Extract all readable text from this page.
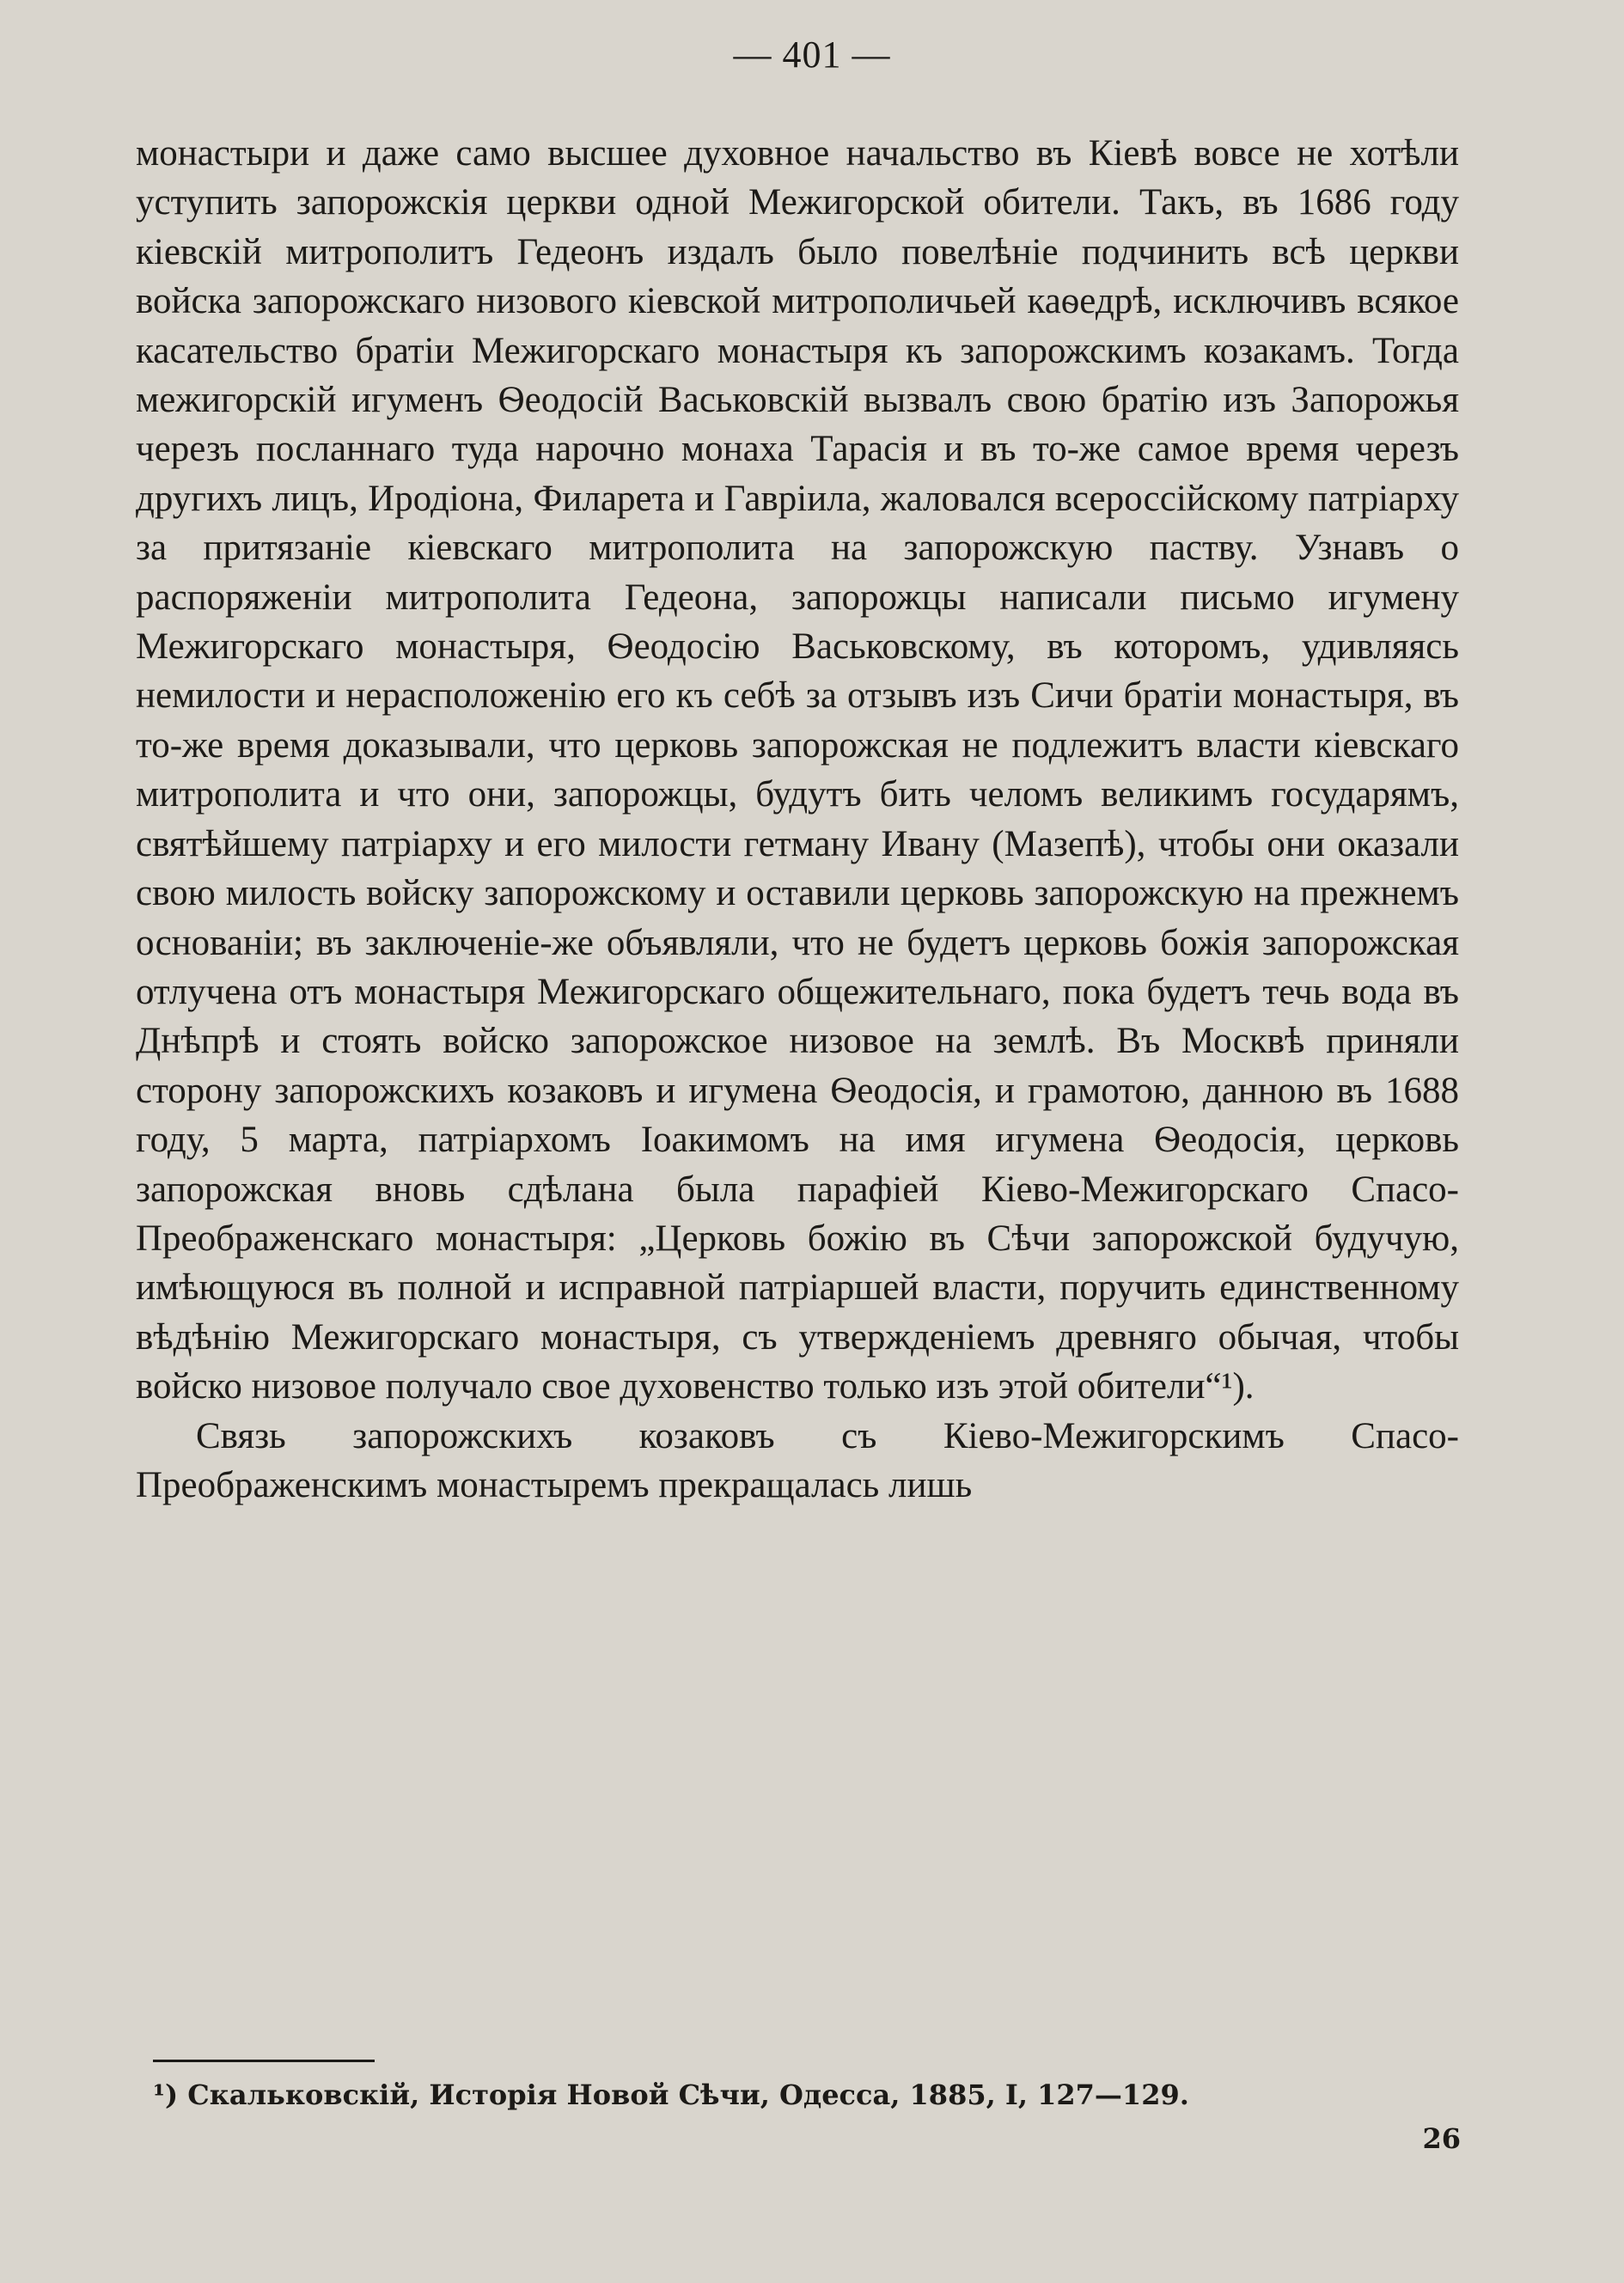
— 401 —

монастыри и даже само высшее духовное начальство въ Кіевѣ вовсе не хотѣли уступить запорожскія церкви одной Межигорской обители. Такъ, въ 1686 году кіевскій митрополитъ Гедеонъ издалъ было повелѣніе подчинить всѣ церкви войска запорожскаго низового кіевской митрополичьей каѳедрѣ, исключивъ всякое касательство братіи Межигорскаго монастыря къ запорожскимъ козакамъ. Тогда межигорскій игуменъ Ѳеодосій Васьковскій вызвалъ свою братію изъ Запорожья черезъ посланнаго туда нарочно монаха Тарасія и въ то-же самое время черезъ другихъ лицъ, Иродіона, Филарета и Гавріила, жаловался всероссійскому патріарху за притязаніе кіевскаго митрополита на запорожскую паству. Узнавъ о распоряженіи митрополита Гедеона, запорожцы написали письмо игумену Межигорскаго монастыря, Ѳеодосію Васьковскому, въ которомъ, удивляясь немилости и нерасположенію его къ себѣ за отзывъ изъ Сичи братіи монастыря, въ то-же время доказывали, что церковь запорожская не подлежитъ власти кіевскаго митрополита и что они, запорожцы, будутъ бить челомъ великимъ государямъ, святѣйшему патріарху и его милости гетману Ивану (Мазепѣ), чтобы они оказали свою милость войску запорожскому и оставили церковь запорожскую на прежнемъ основаніи; въ заключеніе-же объявляли, что не будетъ церковь божія запорожская отлучена отъ монастыря Межигорскаго общежительнаго, пока будетъ течь вода въ Днѣпрѣ и стоять войско запорожское низовое на землѣ. Въ Москвѣ приняли сторону запорожскихъ козаковъ и игумена Ѳеодосія, и грамотою, данною въ 1688 году, 5 марта, патріархомъ Іоакимомъ на имя игумена Ѳеодосія, церковь запорожская вновь сдѣлана была парафіей Кіево-Межигорскаго Спасо-Преображенскаго монастыря: „Церковь божію въ Сѣчи запорожской будучую, имѣющуюся въ полной и исправной патріаршей власти, поручить единственному вѣдѣнію Межигорскаго монастыря, съ утвержденіемъ древняго обычая, чтобы войско низовое получало свое духовенство только изъ этой обители“¹).

Связь запорожскихъ козаковъ съ Кіево-Межигорскимъ Спасо-Преображенскимъ монастыремъ прекращалась лишь

¹) Скальковскій, Исторія Новой Сѣчи, Одесса, 1885, I, 127—129.
26
